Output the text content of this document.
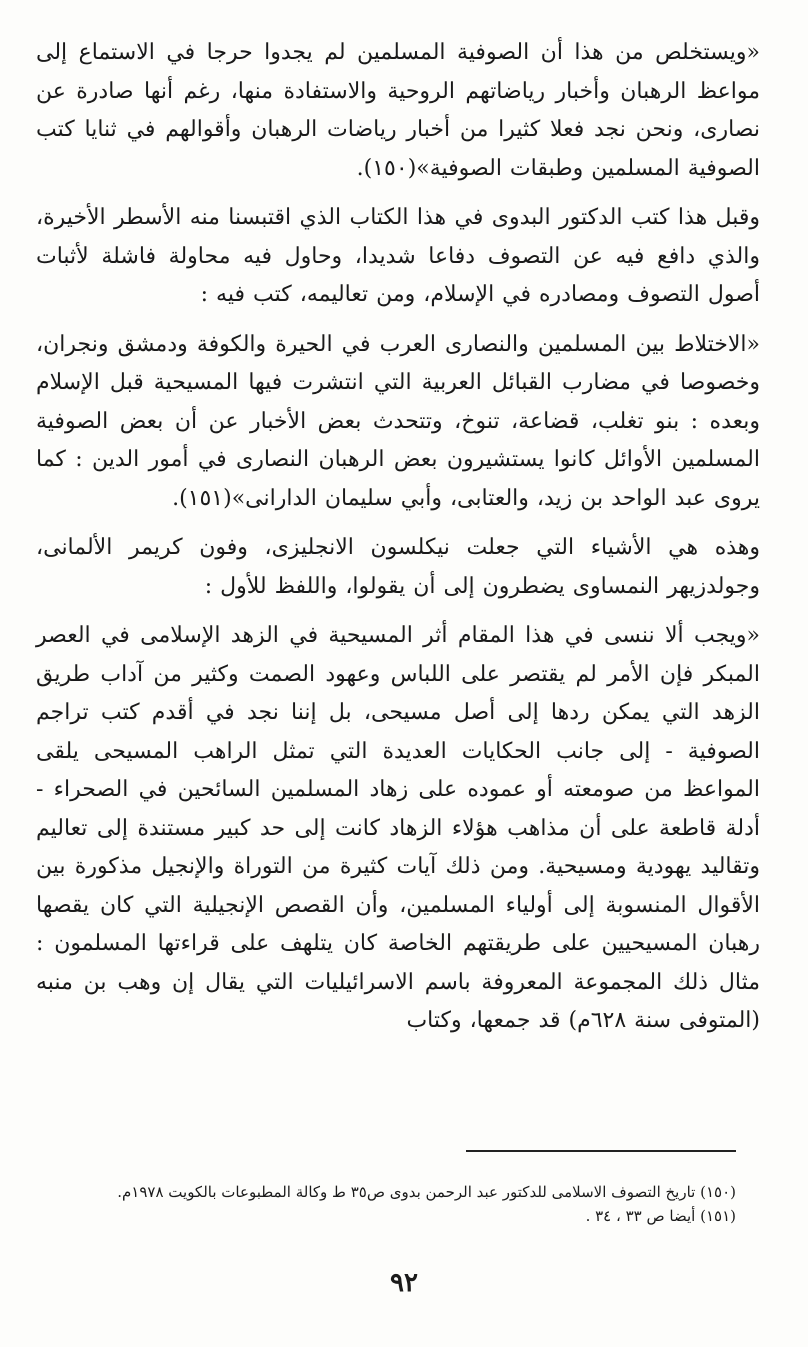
«ويستخلص من هذا أن الصوفية المسلمين لم يجدوا حرجا في الاستماع إلى مواعظ الرهبان وأخبار رياضاتهم الروحية والاستفادة منها، رغم أنها صادرة عن نصارى، ونحن نجد فعلا كثيرا من أخبار رياضات الرهبان وأقوالهم في ثنايا كتب الصوفية المسلمين وطبقات الصوفية»(١٥٠).

وقبل هذا كتب الدكتور البدوى في هذا الكتاب الذي اقتبسنا منه الأسطر الأخيرة، والذي دافع فيه عن التصوف دفاعا شديدا، وحاول فيه محاولة فاشلة لأثبات أصول التصوف ومصادره في الإسلام، ومن تعاليمه، كتب فيه :

«الاختلاط بين المسلمين والنصارى العرب في الحيرة والكوفة ودمشق ونجران، وخصوصا في مضارب القبائل العربية التي انتشرت فيها المسيحية قبل الإسلام وبعده : بنو تغلب، قضاعة، تنوخ، وتتحدث بعض الأخبار عن أن بعض الصوفية المسلمين الأوائل كانوا يستشيرون بعض الرهبان النصارى في أمور الدين : كما يروى عبد الواحد بن زيد، والعتابى، وأبي سليمان الدارانى»(١٥١).

وهذه هي الأشياء التي جعلت نيكلسون الانجليزى، وفون كريمر الألمانى، وجولدزيهر النمساوى يضطرون إلى أن يقولوا، واللفظ للأول :

«ويجب ألا ننسى في هذا المقام أثر المسيحية في الزهد الإسلامى في العصر المبكر فإن الأمر لم يقتصر على اللباس وعهود الصمت وكثير من آداب طريق الزهد التي يمكن ردها إلى أصل مسيحى، بل إننا نجد في أقدم كتب تراجم الصوفية - إلى جانب الحكايات العديدة التي تمثل الراهب المسيحى يلقى المواعظ من صومعته أو عموده على زهاد المسلمين السائحين في الصحراء - أدلة قاطعة على أن مذاهب هؤلاء الزهاد كانت إلى حد كبير مستندة إلى تعاليم وتقاليد يهودية ومسيحية. ومن ذلك آيات كثيرة من التوراة والإنجيل مذكورة بين الأقوال المنسوبة إلى أولياء المسلمين، وأن القصص الإنجيلية التي كان يقصها رهبان المسيحيين على طريقتهم الخاصة كان يتلهف على قراءتها المسلمون : مثال ذلك المجموعة المعروفة باسم الاسرائيليات التي يقال إن وهب بن منبه (المتوفى سنة ٦٢٨م) قد جمعها، وكتاب

(١٥٠) تاريخ التصوف الاسلامى للدكتور عبد الرحمن بدوى ص٣٥ ط وكالة المطبوعات بالكويت ١٩٧٨م.

(١٥١) أيضا ص ٣٣ ، ٣٤ .

٩٢
